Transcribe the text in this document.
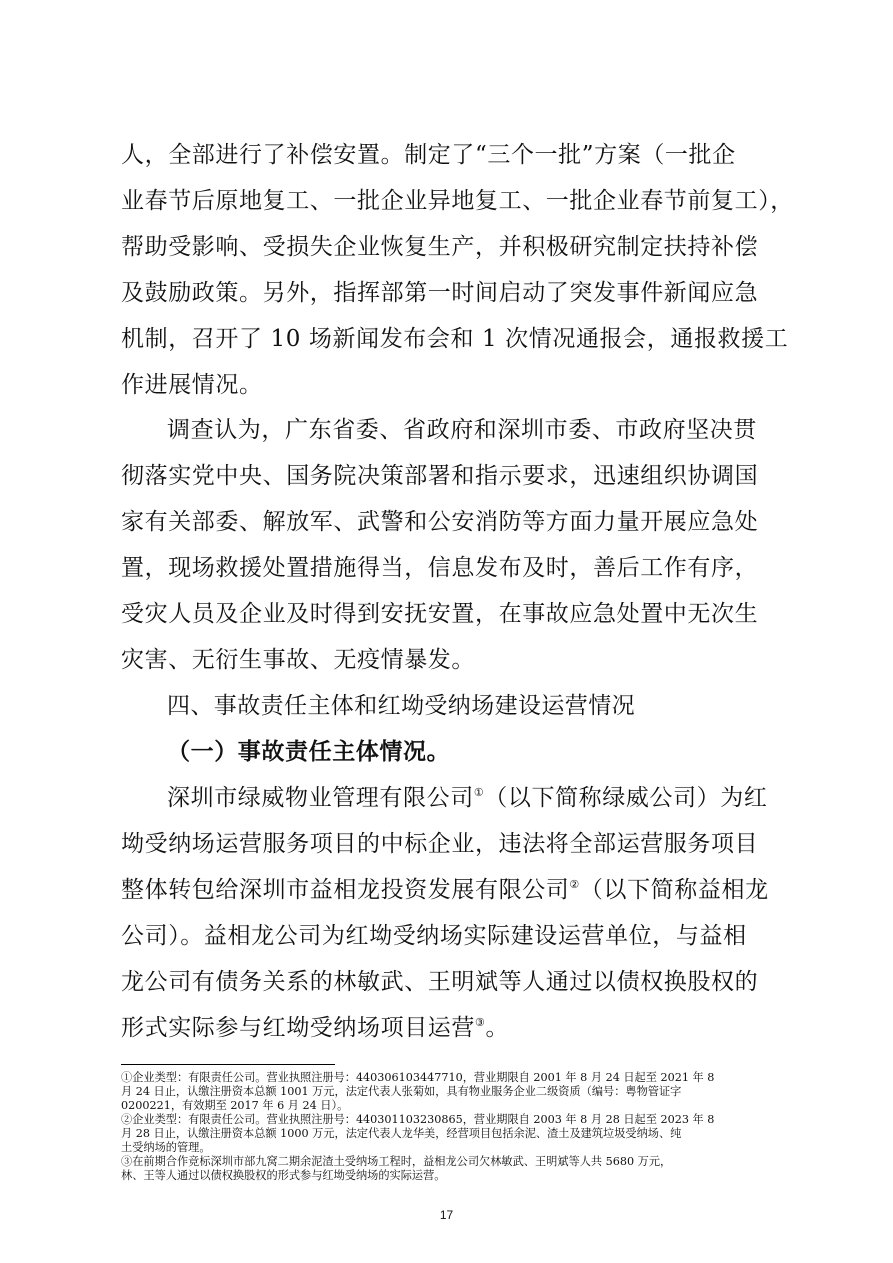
人，全部进行了补偿安置。制定了“三个一批”方案（一批企
业春节后原地复工、一批企业异地复工、一批企业春节前复工），
帮助受影响、受损失企业恢复生产，并积极研究制定扶持补偿
及鼓励政策。另外，指挥部第一时间启动了突发事件新闻应急
机制，召开了 10 场新闻发布会和 1 次情况通报会，通报救援工
作进展情况。
调查认为，广东省委、省政府和深圳市委、市政府坚决贯
彻落实党中央、国务院决策部署和指示要求，迅速组织协调国
家有关部委、解放军、武警和公安消防等方面力量开展应急处
置，现场救援处置措施得当，信息发布及时，善后工作有序，
受灾人员及企业及时得到安抚安置，在事故应急处置中无次生
灾害、无衍生事故、无疫情暴发。
四、事故责任主体和红坳受纳场建设运营情况
（一）事故责任主体情况。
深圳市绿威物业管理有限公司①（以下简称绿威公司）为红
坳受纳场运营服务项目的中标企业，违法将全部运营服务项目
整体转包给深圳市益相龙投资发展有限公司②（以下简称益相龙
公司）。益相龙公司为红坳受纳场实际建设运营单位，与益相
龙公司有债务关系的林敏武、王明斌等人通过以债权换股权的
形式实际参与红坳受纳场项目运营③。
①企业类型：有限责任公司。营业执照注册号：440306103447710，营业期限自 2001 年 8 月 24 日起至 2021 年 8
月 24 日止，认缴注册资本总额 1001 万元，法定代表人张菊如，具有物业服务企业二级资质（编号：粤物管证字
0200221，有效期至 2017 年 6 月 24 日）。
②企业类型：有限责任公司。营业执照注册号：440301103230865，营业期限自 2003 年 8 月 28 日起至 2023 年 8
月 28 日止，认缴注册资本总额 1000 万元，法定代表人龙华美，经营项目包括余泥、渣土及建筑垃圾受纳场、纯
土受纳场的管理。
③在前期合作竞标深圳市部九窝二期余泥渣土受纳场工程时，益相龙公司欠林敏武、王明斌等人共 5680 万元，
林、王等人通过以债权换股权的形式参与红坳受纳场的实际运营。
17
